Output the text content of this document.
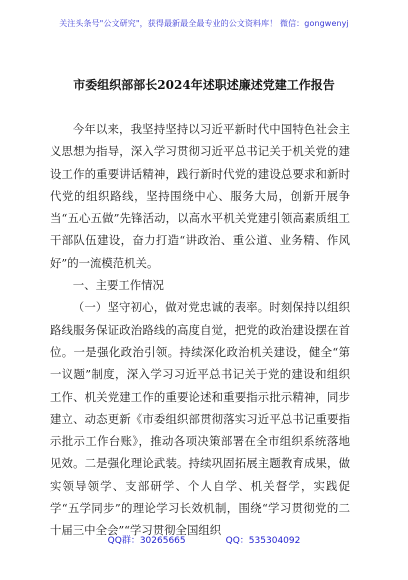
关注头条号"公文研究"，获得最新最全最专业的公文资料库！ 微信：gongwenyj
市委组织部部长2024年述职述廉述党建工作报告

今年以来，我坚持坚持以习近平新时代中国特色社会主义思想为指导，深入学习贯彻习近平总书记关于机关党的建设工作的重要讲话精神，践行新时代党的建设总要求和新时代党的组织路线，坚持围绕中心、服务大局，创新开展争当“五心五做”先锋活动，以高水平机关党建引领高素质组工干部队伍建设，奋力打造“讲政治、重公道、业务精、作风好”的一流模范机关。

一、主要工作情况

（一）坚守初心，做对党忠诚的表率。时刻保持以组织路线服务保证政治路线的高度自觉，把党的政治建设摆在首位。一是强化政治引领。持续深化政治机关建设，健全“第一议题”制度，深入学习习近平总书记关于党的建设和组织工作、机关党建工作的重要论述和重要指示批示精神，同步建立、动态更新《市委组织部贯彻落实习近平总书记重要指示批示工作台账》，推动各项决策部署在全市组织系统落地见效。二是强化理论武装。持续巩固拓展主题教育成果，做实领导领学、支部研学、个人自学、机关督学，实践促学“五学同步”的理论学习长效机制，围绕“学习贯彻党的二十届三中全会”“学习贯彻全国组织

QQ群：30265665	QQ：535304092
